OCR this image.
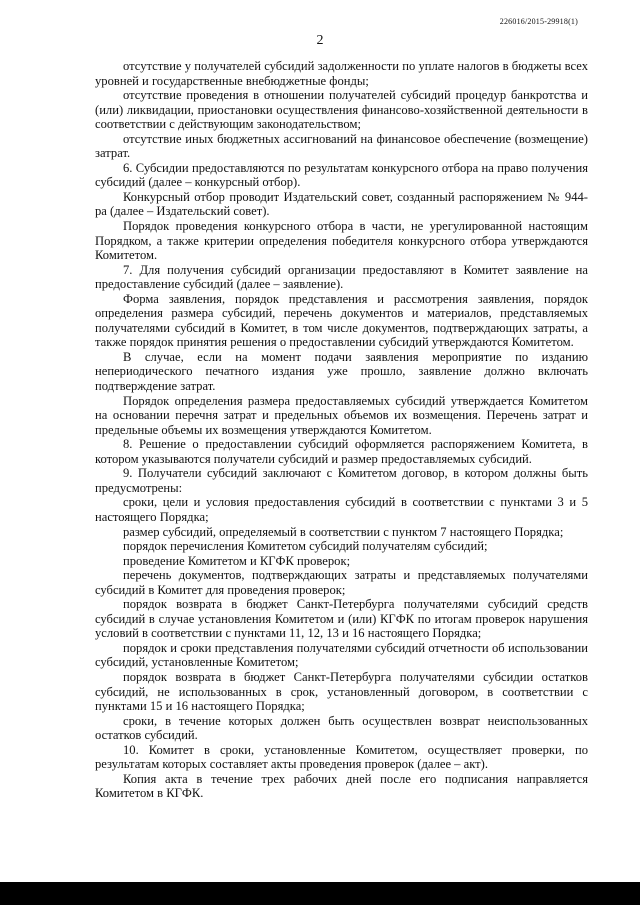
226016/2015-29918(1)
2

отсутствие у получателей субсидий задолженности по уплате налогов в бюджеты всех уровней и государственные внебюджетные фонды;

отсутствие проведения в отношении получателей субсидий процедур банкротства и (или) ликвидации, приостановки осуществления финансово-хозяйственной деятельности в соответствии с действующим законодательством;

отсутствие иных бюджетных ассигнований на финансовое обеспечение (возмещение) затрат.

6. Субсидии предоставляются по результатам конкурсного отбора на право получения субсидий (далее – конкурсный отбор).

Конкурсный отбор проводит Издательский совет, созданный распоряжением № 944-ра (далее – Издательский совет).

Порядок проведения конкурсного отбора в части, не урегулированной настоящим Порядком, а также критерии определения победителя конкурсного отбора утверждаются Комитетом.

7. Для получения субсидий организации предоставляют в Комитет заявление на предоставление субсидий (далее – заявление).

Форма заявления, порядок представления и рассмотрения заявления, порядок определения размера субсидий, перечень документов и материалов, представляемых получателями субсидий в Комитет, в том числе документов, подтверждающих затраты, а также порядок принятия решения о предоставлении субсидий утверждаются Комитетом.

В случае, если на момент подачи заявления мероприятие по изданию непериодического печатного издания уже прошло, заявление должно включать подтверждение затрат.

Порядок определения размера предоставляемых субсидий утверждается Комитетом на основании перечня затрат и предельных объемов их возмещения. Перечень затрат и предельные объемы их возмещения утверждаются Комитетом.

8. Решение о предоставлении субсидий оформляется распоряжением Комитета, в котором указываются получатели субсидий и размер предоставляемых субсидий.

9. Получатели субсидий заключают с Комитетом договор, в котором должны быть предусмотрены:

сроки, цели и условия предоставления субсидий в соответствии с пунктами 3 и 5 настоящего Порядка;

размер субсидий, определяемый в соответствии с пунктом 7 настоящего Порядка;

порядок перечисления Комитетом субсидий получателям субсидий;

проведение Комитетом и КГФК проверок;

перечень документов, подтверждающих затраты и представляемых получателями субсидий в Комитет для проведения проверок;

порядок возврата в бюджет Санкт-Петербурга получателями субсидий средств субсидий в случае установления Комитетом и (или) КГФК по итогам проверок нарушения условий в соответствии с пунктами 11, 12, 13 и 16 настоящего Порядка;

порядок и сроки представления получателями субсидий отчетности об использовании субсидий, установленные Комитетом;

порядок возврата в бюджет Санкт-Петербурга получателями субсидии остатков субсидий, не использованных в срок, установленный договором, в соответствии с пунктами 15 и 16 настоящего Порядка;

сроки, в течение которых должен быть осуществлен возврат неиспользованных остатков субсидий.

10. Комитет в сроки, установленные Комитетом, осуществляет проверки, по результатам которых составляет акты проведения проверок (далее – акт).

Копия акта в течение трех рабочих дней после его подписания направляется Комитетом в КГФК.
